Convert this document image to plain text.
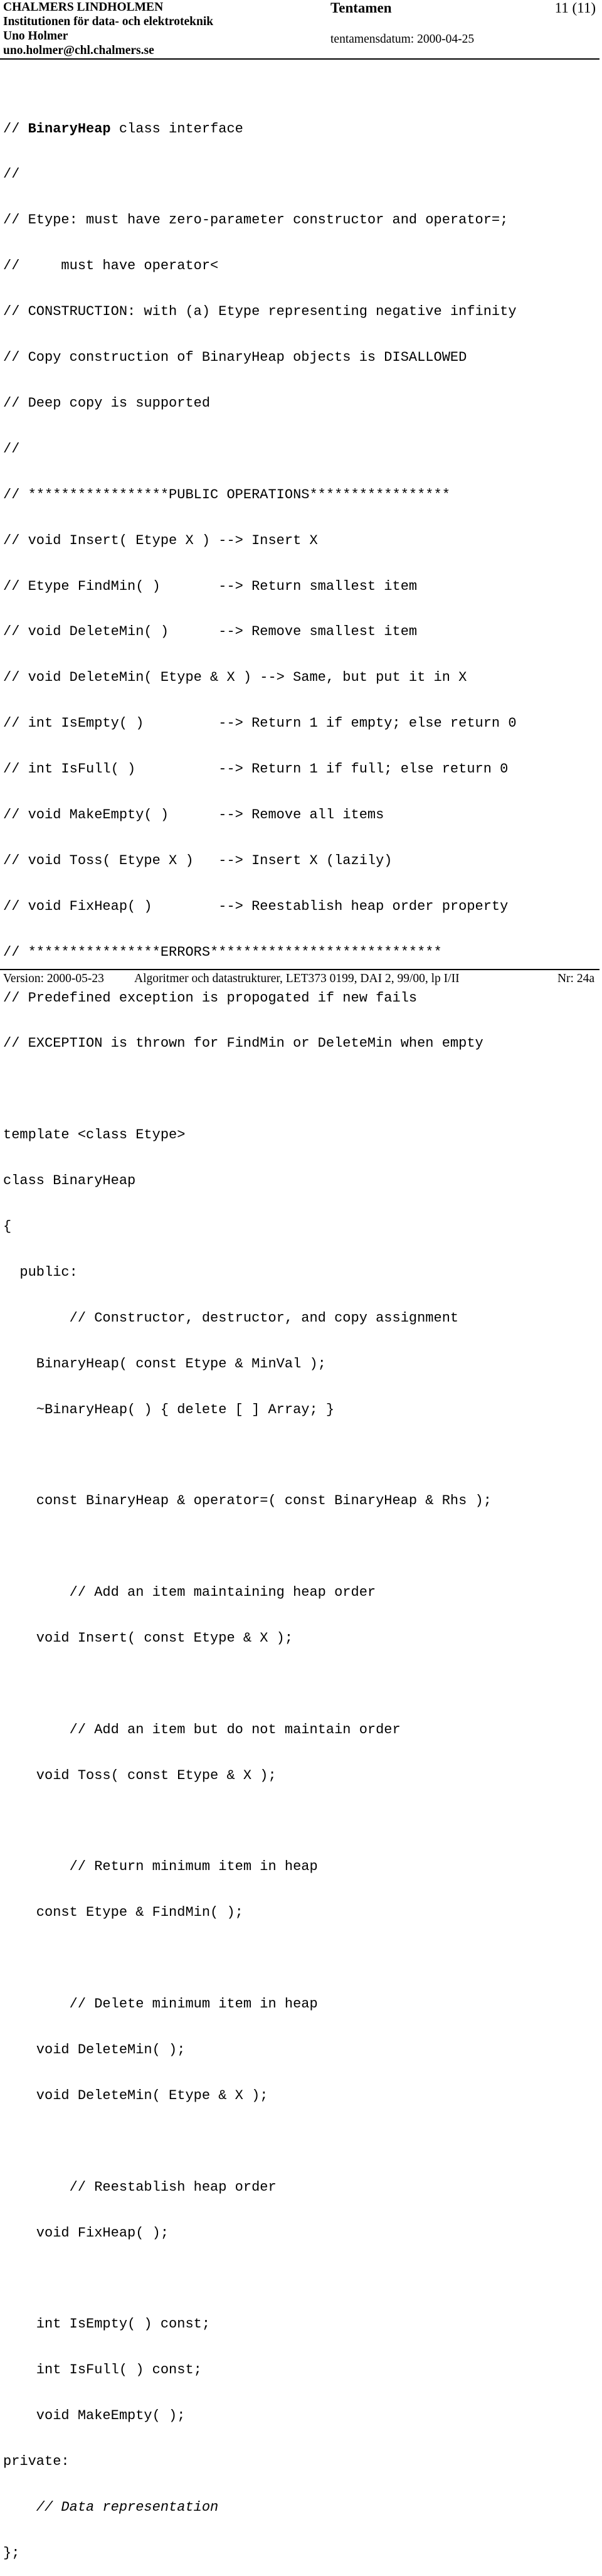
CHALMERS LINDHOLMEN
Institutionen för data- och elektroteknik
Uno Holmer
uno.holmer@chl.chalmers.se
Tentamen	11 (11)
tentamensdatum: 2000-04-25

// BinaryHeap class interface

//

// Etype: must have zero-parameter constructor and operator=;

//     must have operator<

// CONSTRUCTION: with (a) Etype representing negative infinity

// Copy construction of BinaryHeap objects is DISALLOWED

// Deep copy is supported

//

// *****************PUBLIC OPERATIONS*****************

// void Insert( Etype X ) --> Insert X

// Etype FindMin( )       --> Return smallest item

// void DeleteMin( )      --> Remove smallest item

// void DeleteMin( Etype & X ) --> Same, but put it in X

// int IsEmpty( )         --> Return 1 if empty; else return 0

// int IsFull( )          --> Return 1 if full; else return 0

// void MakeEmpty( )      --> Remove all items

// void Toss( Etype X )   --> Insert X (lazily)

// void FixHeap( )        --> Reestablish heap order property

// ****************ERRORS****************************

// Predefined exception is propogated if new fails

// EXCEPTION is thrown for FindMin or DeleteMin when empty

template <class Etype>

class BinaryHeap

{

public:

// Constructor, destructor, and copy assignment

BinaryHeap( const Etype & MinVal );

~BinaryHeap( ) { delete [ ] Array; }

const BinaryHeap & operator=( const BinaryHeap & Rhs );

// Add an item maintaining heap order

void Insert( const Etype & X );

// Add an item but do not maintain order

void Toss( const Etype & X );

// Return minimum item in heap

const Etype & FindMin( );

// Delete minimum item in heap

void DeleteMin( );

void DeleteMin( Etype & X );

// Reestablish heap order

void FixHeap( );

int IsEmpty( ) const;

int IsFull( ) const;

void MakeEmpty( );

private:

// Data representation

};

Version: 2000-05-23 Algoritmer och datastrukturer, LET373 0199, DAI 2, 99/00, lp I/II	Nr: 24a
